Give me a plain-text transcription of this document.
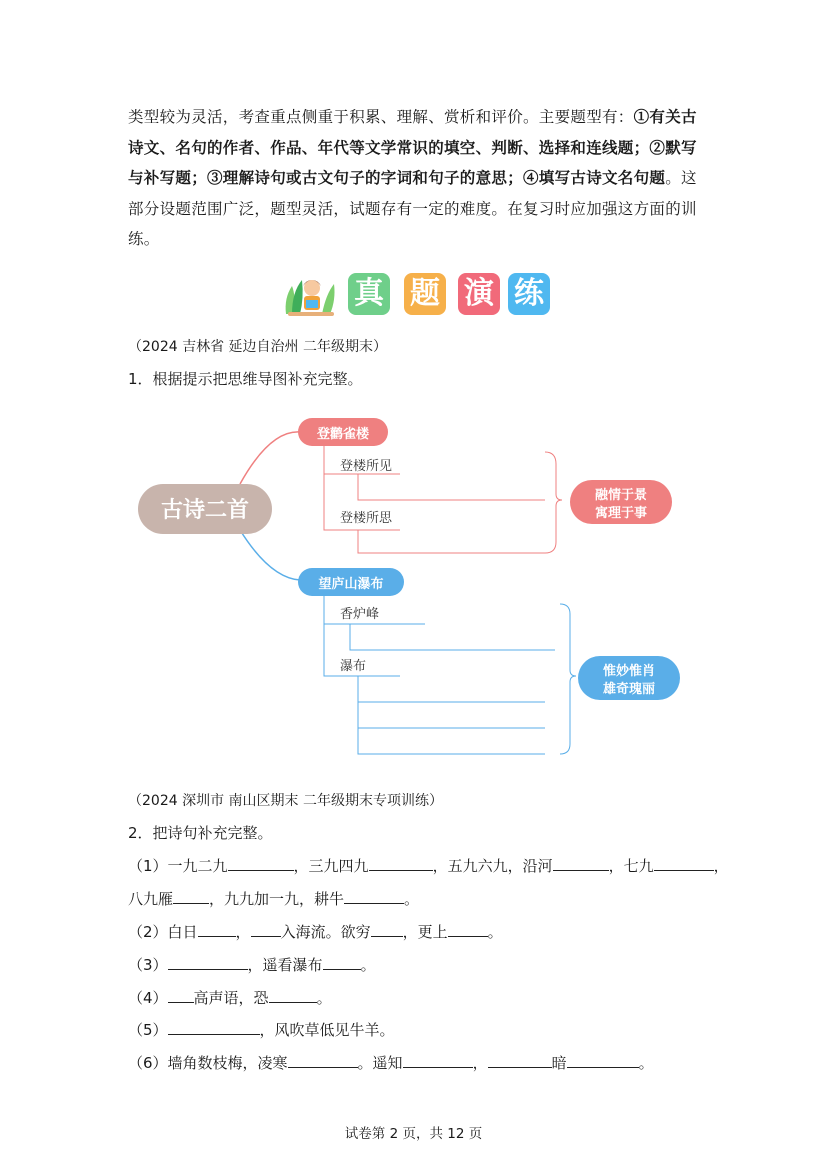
类型较为灵活，考查重点侧重于积累、理解、赏析和评价。主要题型有：①有关古诗文、名句的作者、作品、年代等文学常识的填空、判断、选择和连线题；②默写与补写题；③理解诗句或古文句子的字词和句子的意思；④填写古诗文名句题。这部分设题范围广泛，题型灵活，试题存有一定的难度。在复习时应加强这方面的训练。

真 题 演 练
（2024 吉林省 延边自治州 二年级期末）
1．根据提示把思维导图补充完整。
古诗二首
登鹳雀楼
登楼所见
登楼所思
融情于景
寓理于事
望庐山瀑布
香炉峰
瀑布	惟妙惟肖
雄奇瑰丽
（2024 深圳市 南山区期末 二年级期末专项训练）
2．把诗句补充完整。
（1）一九二九	，三九四九	，五九六九，沿河	，七九	，
八九雁 ，九九加一九，耕牛	。
（2）白日	， 入海流。欲穷 ，更上	。
（3）	，遥看瀑布	。
（4） 高声语，恐	。
（5）	，风吹草低见牛羊。
（6）墙角数枝梅，凌寒	。遥知	，	暗	。
试卷第 2 页，共 12 页
